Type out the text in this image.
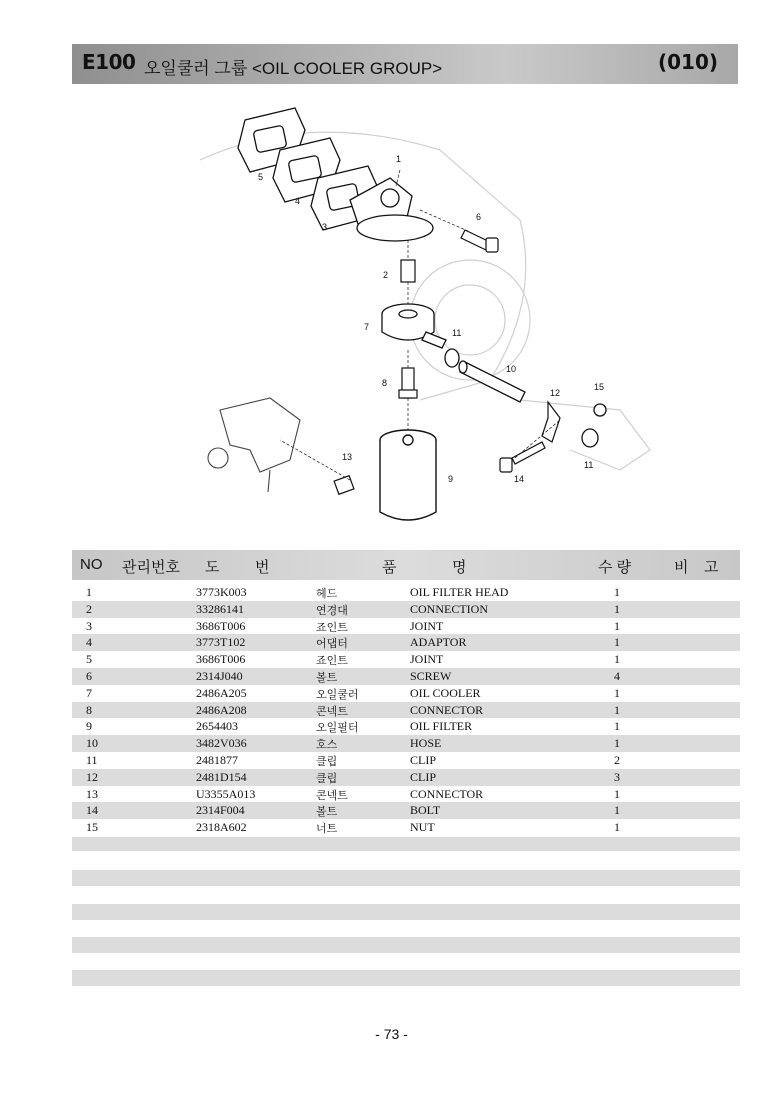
E100 오일쿨러 그룹 <OIL COOLER GROUP>	(010)
1
2
3
4
5
6
7
8
9
10
11
11
12
13
14
15
NO 관리번호 도 번	품	명	수 량	비 고
1	3773K003	헤드	OIL FILTER HEAD	1
2	33286141	연경대	CONNECTION	1
3	3686T006	죠인트	JOINT	1
4	3773T102	어댑터	ADAPTOR	1
5	3686T006	죠인트	JOINT	1
6	2314J040	볼트	SCREW	4
7	2486A205	오일쿨러	OIL COOLER	1
8	2486A208	콘넥트	CONNECTOR	1
9	2654403	오일필터	OIL FILTER	1
10	3482V036	호스	HOSE	1
11	2481877	클립	CLIP	2
12	2481D154	클립	CLIP	3
13	U3355A013	콘넥트	CONNECTOR	1
14	2314F004	볼트	BOLT	1
15	2318A602	너트	NUT	1
- 73 -
